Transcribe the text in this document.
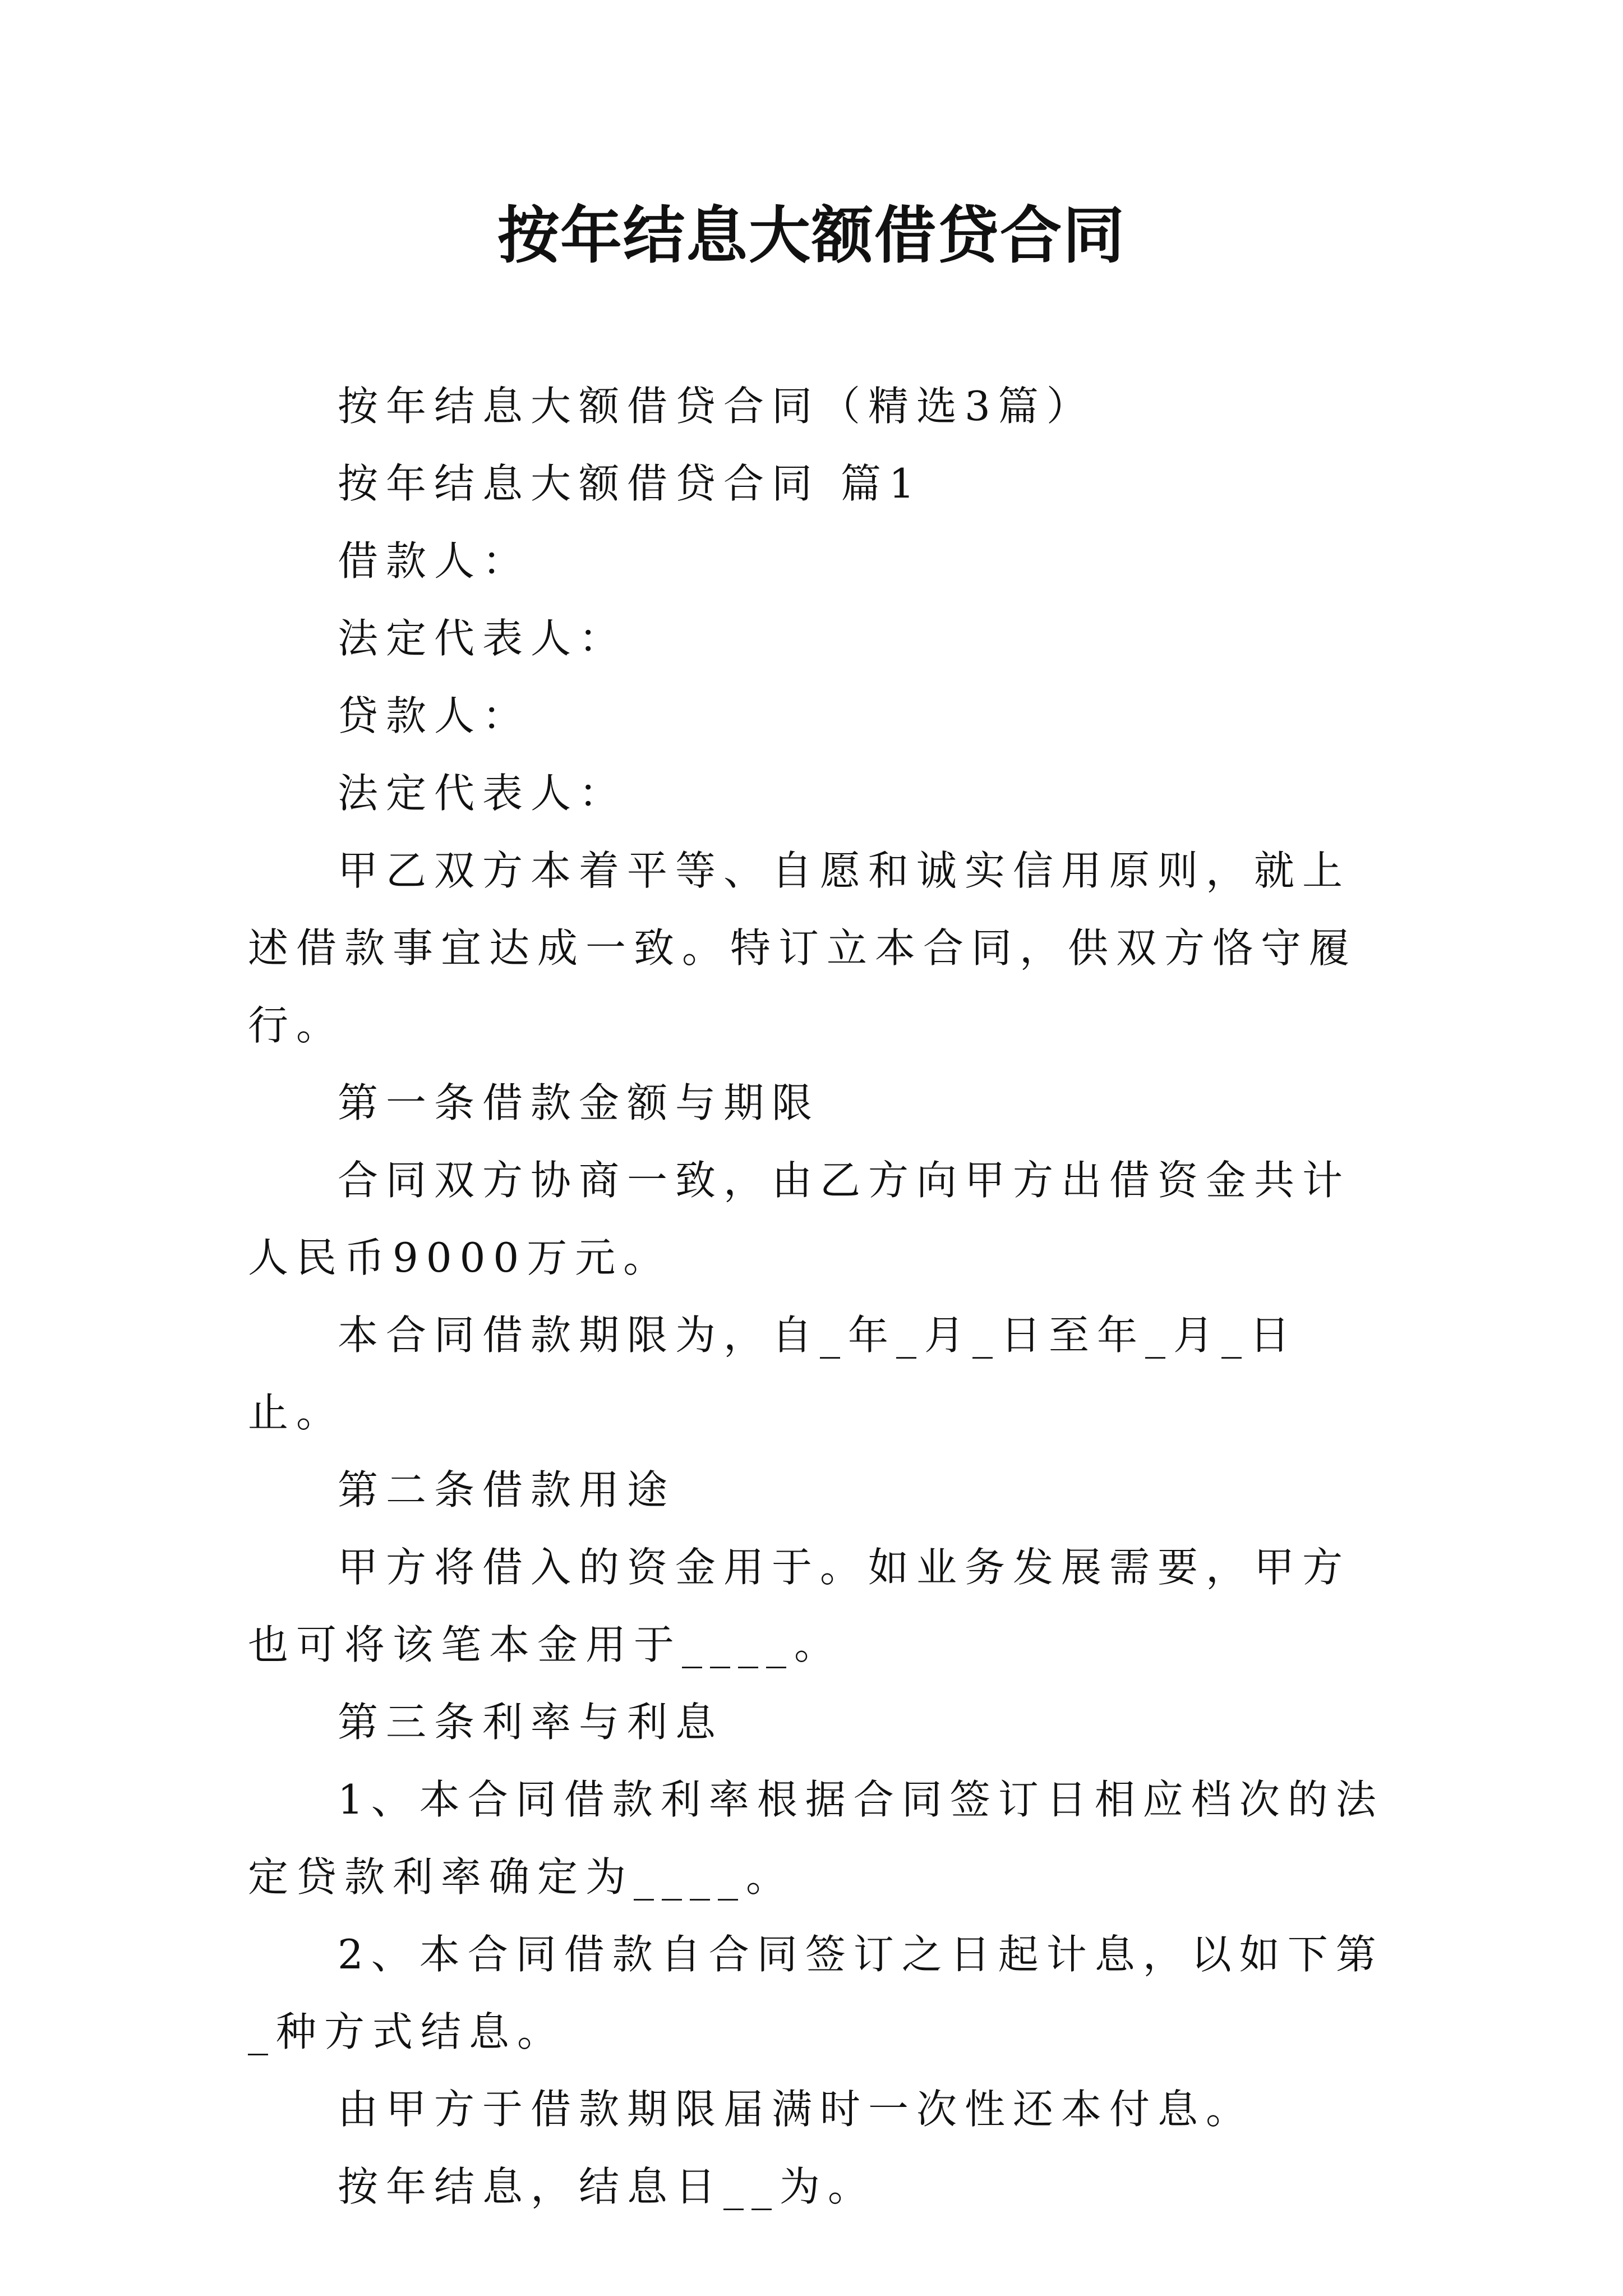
按年结息大额借贷合同

按年结息大额借贷合同（精选3篇）

按年结息大额借贷合同 篇1

借款人：

法定代表人：

贷款人：

法定代表人：

甲乙双方本着平等、自愿和诚实信用原则，就上述借款事宜达成一致。特订立本合同，供双方恪守履行。

第一条借款金额与期限

合同双方协商一致，由乙方向甲方出借资金共计人民币9000万元。

本合同借款期限为，自_年_月_日至年_月_日止。

第二条借款用途

甲方将借入的资金用于。如业务发展需要，甲方也可将该笔本金用于____。

第三条利率与利息

1、本合同借款利率根据合同签订日相应档次的法定贷款利率确定为____。

2、本合同借款自合同签订之日起计息，以如下第_种方式结息。

由甲方于借款期限届满时一次性还本付息。

按年结息，结息日__为。
